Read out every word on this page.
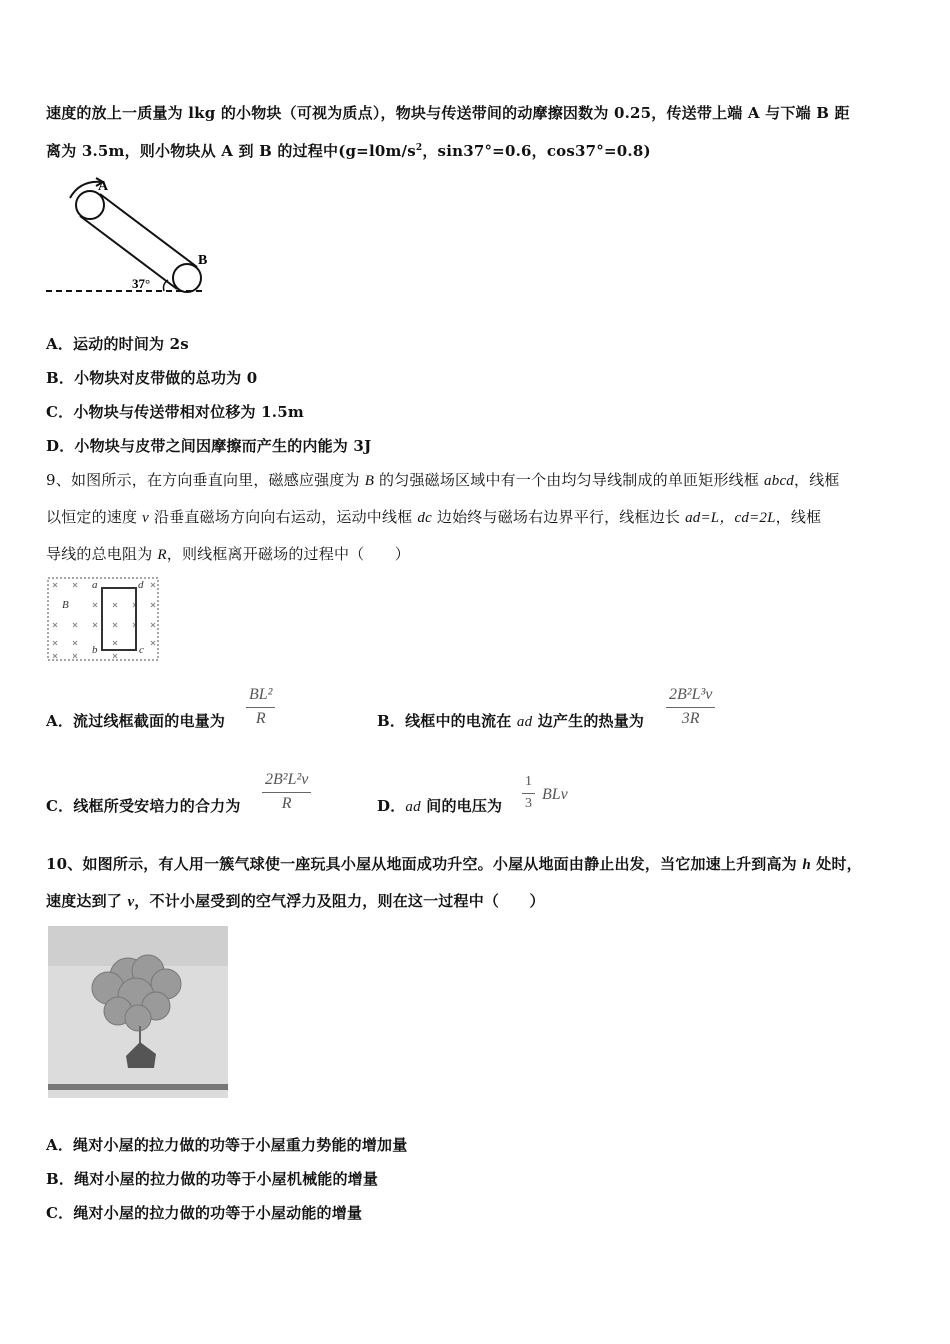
速度的放上一质量为 lkg 的小物块（可视为质点），物块与传送带间的动摩擦因数为 0.25，传送带上端 A 与下端 B 距
离为 3.5m，则小物块从 A 到 B 的过程中($g=l0m/s^2$，sin37°=0.6，cos37°=0.8)
A
B
37°
A．运动的时间为 2s
B．小物块对皮带做的总功为 0
C．小物块与传送带相对位移为 1.5m
D．小物块与皮带之间因摩擦而产生的内能为 3J
9、如图所示，在方向垂直向里，磁感应强度为 B 的匀强磁场区域中有一个由均匀导线制成的单匝矩形线框 abcd，线框
以恒定的速度 v 沿垂直磁场方向向右运动，运动中线框 dc 边始终与磁场右边界平行，线框边长 ad=L，cd=2L，线框
导线的总电阻为 R，则线框离开磁场的过程中（　　）
B
a	d
b	c
A．流过线框截面的电量为 $\frac{\text{BL²}}{R}$	B．线框中的电流在 ad 边产生的热量为 $\frac{\text{2B²L³v}}{3R}$
C．线框所受安培力的合力为 $\frac{\text{2B²L²v}}{R}$	D．ad 间的电压为 $\frac{1}{3}$ BLv
10、如图所示，有人用一簇气球使一座玩具小屋从地面成功升空。小屋从地面由静止出发，当它加速上升到高为 h 处时，
速度达到了 v，不计小屋受到的空气浮力及阻力，则在这一过程中（　　）
A．绳对小屋的拉力做的功等于小屋重力势能的增加量
B．绳对小屋的拉力做的功等于小屋机械能的增量
C．绳对小屋的拉力做的功等于小屋动能的增量
